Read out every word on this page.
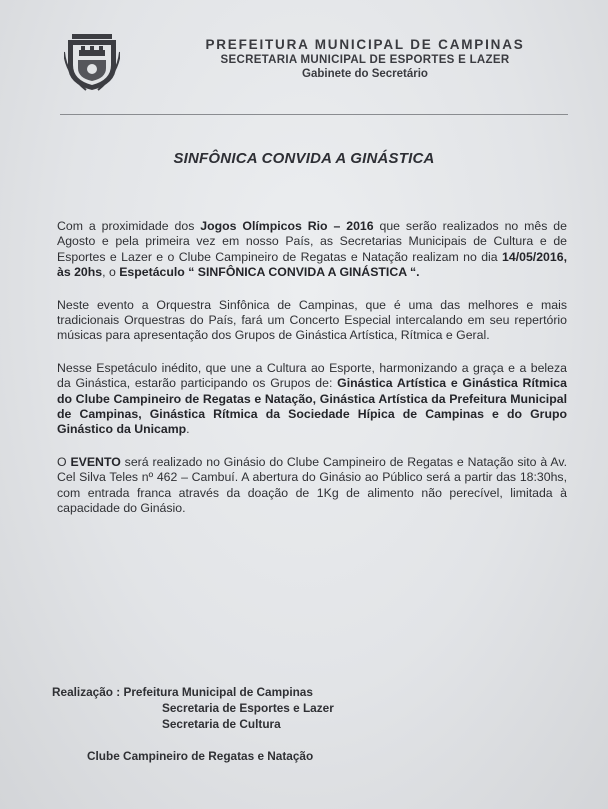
PREFEITURA MUNICIPAL DE CAMPINAS
SECRETARIA MUNICIPAL DE ESPORTES E LAZER
Gabinete do Secretário
SINFÔNICA CONVIDA A GINÁSTICA

Com a proximidade dos Jogos Olímpicos Rio – 2016 que serão realizados no mês de Agosto e pela primeira vez em nosso País, as Secretarias Municipais de Cultura e de Esportes e Lazer e o Clube Campineiro de Regatas e Natação realizam no dia 14/05/2016, às 20hs, o Espetáculo “ SINFÔNICA CONVIDA A GINÁSTICA “.

Neste evento a Orquestra Sinfônica de Campinas, que é uma das melhores e mais tradicionais Orquestras do País, fará um Concerto Especial intercalando em seu repertório músicas para apresentação dos Grupos de Ginástica Artística, Rítmica e Geral.

Nesse Espetáculo inédito, que une a Cultura ao Esporte, harmonizando a graça e a beleza da Ginástica, estarão participando os Grupos de: Ginástica Artística e Ginástica Rítmica do Clube Campineiro de Regatas e Natação, Ginástica Artística da Prefeitura Municipal de Campinas, Ginástica Rítmica da Sociedade Hípica de Campinas e do Grupo Ginástico da Unicamp.

O EVENTO será realizado no Ginásio do Clube Campineiro de Regatas e Natação sito à Av. Cel Silva Teles nº 462 – Cambuí. A abertura do Ginásio ao Público será a partir das 18:30hs, com entrada franca através da doação de 1Kg de alimento não perecível, limitada à capacidade do Ginásio.

Realização : Prefeitura Municipal de Campinas
Secretaria de Esportes e Lazer
Secretaria de Cultura
Clube Campineiro de Regatas e Natação
